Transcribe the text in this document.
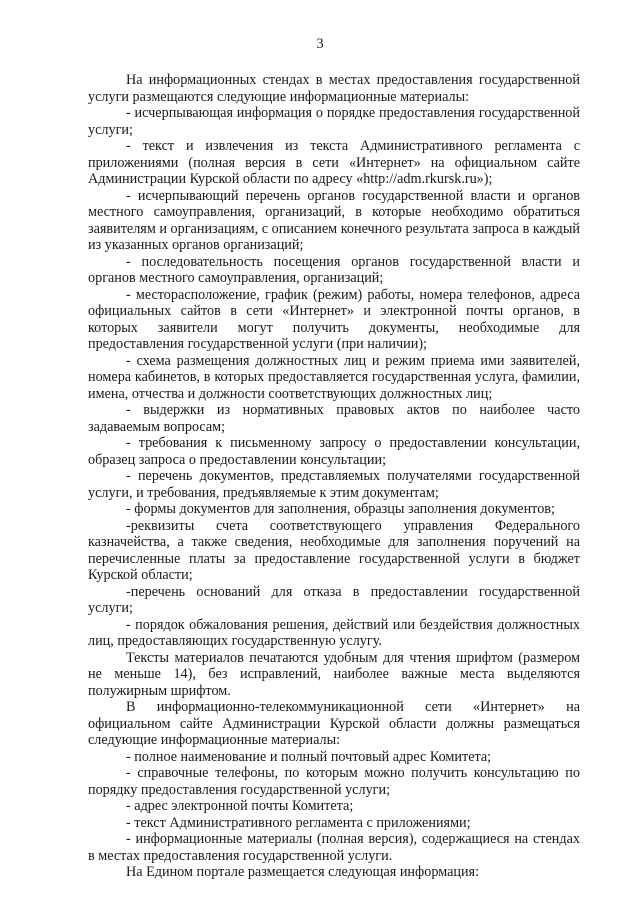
3

На информационных стендах в местах предоставления государственной услуги размещаются следующие информационные материалы:

- исчерпывающая информация о порядке предоставления государственной услуги;

- текст и извлечения из текста Административного регламента с приложениями (полная версия в сети «Интернет» на официальном сайте Администрации Курской области по адресу «http://adm.rkursk.ru»);

- исчерпывающий перечень органов государственной власти и органов местного самоуправления, организаций, в которые необходимо обратиться заявителям и организациям, с описанием конечного результата запроса в каждый из указанных органов организаций;

- последовательность посещения органов государственной власти и органов местного самоуправления, организаций;

- месторасположение, график (режим) работы, номера телефонов, адреса официальных сайтов в сети «Интернет» и электронной почты органов, в которых заявители могут получить документы, необходимые для предоставления государственной услуги (при наличии);

- схема размещения должностных лиц и режим приема ими заявителей, номера кабинетов, в которых предоставляется государственная услуга, фамилии, имена, отчества и должности соответствующих должностных лиц;

- выдержки из нормативных правовых актов по наиболее часто задаваемым вопросам;

- требования к письменному запросу о предоставлении консультации, образец запроса о предоставлении консультации;

- перечень документов, представляемых получателями государственной услуги, и требования, предъявляемые к этим документам;

- формы документов для заполнения, образцы заполнения документов;

-реквизиты счета соответствующего управления Федерального казначейства, а также сведения, необходимые для заполнения поручений на перечисленные платы за предоставление государственной услуги в бюджет Курской области;

-перечень оснований для отказа в предоставлении государственной услуги;

- порядок обжалования решения, действий или бездействия должностных лиц, предоставляющих государственную услугу.

Тексты материалов печатаются удобным для чтения шрифтом (размером не меньше 14), без исправлений, наиболее важные места выделяются полужирным шрифтом.

В информационно-телекоммуникационной сети «Интернет» на официальном сайте Администрации Курской области должны размещаться следующие информационные материалы:

- полное наименование и полный почтовый адрес Комитета;

- справочные телефоны, по которым можно получить консультацию по порядку предоставления государственной услуги;

- адрес электронной почты Комитета;

- текст Административного регламента с приложениями;

- информационные материалы (полная версия), содержащиеся на стендах в местах предоставления государственной услуги.

На Едином портале размещается следующая информация:
